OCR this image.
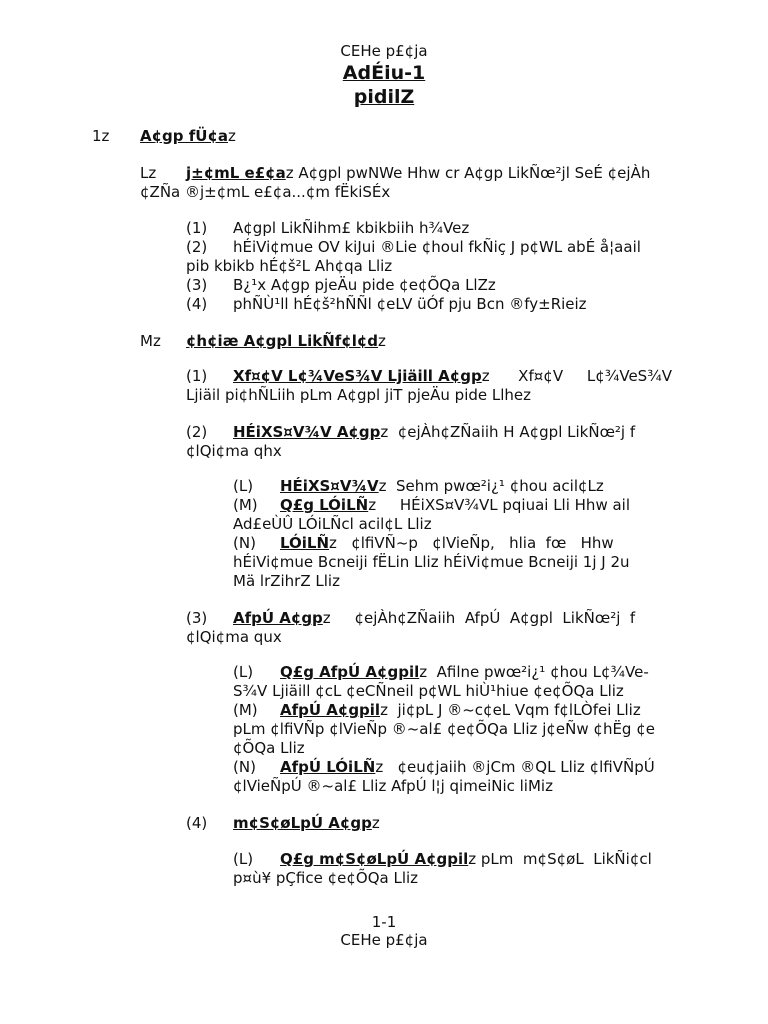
CEHe p£¢ja
AdÉiu-1
pidilZ
1z A¢gp fÜ¢az
Lz j±¢mL e£¢az A¢gpl pwNWe Hhw cr A¢gp LikÑœ²jl SeÉ ¢ejÀh
¢ZÑa ®j±¢mL e£¢a...¢m fËkiSÉx
(1) A¢gpl LikÑihm£ kbikbiih h¾Vez
(2) hÉiVi¢mue OV kiJui ®Lie ¢houl fkÑiç J p¢WL abÉ å¦aail
pib kbikb hÉ¢š²L Ah¢qa Lliz
(3) B¿¹x A¢gp pjeÄu pide ¢e¢ÕQa LlZz
(4) phÑÙ¹ll hÉ¢š²hÑÑl ¢eLV üÓf pju Bcn ®fy±Rieiz
Mz ¢h¢iæ A¢gpl LikÑf¢l¢dz
(1) Xf¤¢V L¢¾VeS¾V Ljiäill A¢gpz      Xf¤¢V     L¢¾VeS¾V
Ljiäil pi¢hÑLiih pLm A¢gpl jiT pjeÄu pide Llhez
(2) HÉiXS¤V¾V A¢gpz  ¢ejÀh¢ZÑaiih H A¢gpl LikÑœ²j f
¢lQi¢ma qhx
(L) HÉiXS¤V¾Vz  Sehm pwœ²i¿¹ ¢hou acil¢Lz
(M) Q£g LÓiLÑz     HÉiXS¤V¾VL pqiuai Lli Hhw ail
Ad£eÙÛ LÓiLÑcl acil¢L Lliz
(N) LÓiLÑz   ¢lfiVÑ~p   ¢lVieÑp,   hlia  fœ   Hhw
hÉiVi¢mue Bcneiji fËLin Lliz hÉiVi¢mue Bcneiji 1j J 2u
Mä lrZihrZ Lliz
(3) AfpÚ A¢gpz     ¢ejÀh¢ZÑaiih  AfpÚ  A¢gpl  LikÑœ²j  f
¢lQi¢ma qux
(L) Q£g AfpÚ A¢gpilz  Afilne pwœ²i¿¹ ¢hou L¢¾Ve-
S¾V Ljiäill ¢cL ¢eCÑneil p¢WL hiÙ¹hiue ¢e¢ÕQa Lliz
(M) AfpÚ A¢gpilz  ji¢pL J ®~c¢eL Vqm f¢lLÒfei Lliz
pLm ¢lfiVÑp ¢lVieÑp ®~al£ ¢e¢ÕQa Lliz j¢eÑw ¢hËg ¢e
¢ÕQa Lliz
(N) AfpÚ LÓiLÑz   ¢eu¢jaiih ®jCm ®QL Lliz ¢lfiVÑpÚ
¢lVieÑpÚ ®~al£ Lliz AfpÚ l¦j qimeiNic liMiz
(4) m¢S¢øLpÚ A¢gpz
(L) Q£g m¢S¢øLpÚ A¢gpilz pLm  m¢S¢øL  LikÑi¢cl
p¤ù¥ pÇfice ¢e¢ÕQa Lliz
1-1
CEHe p£¢ja
